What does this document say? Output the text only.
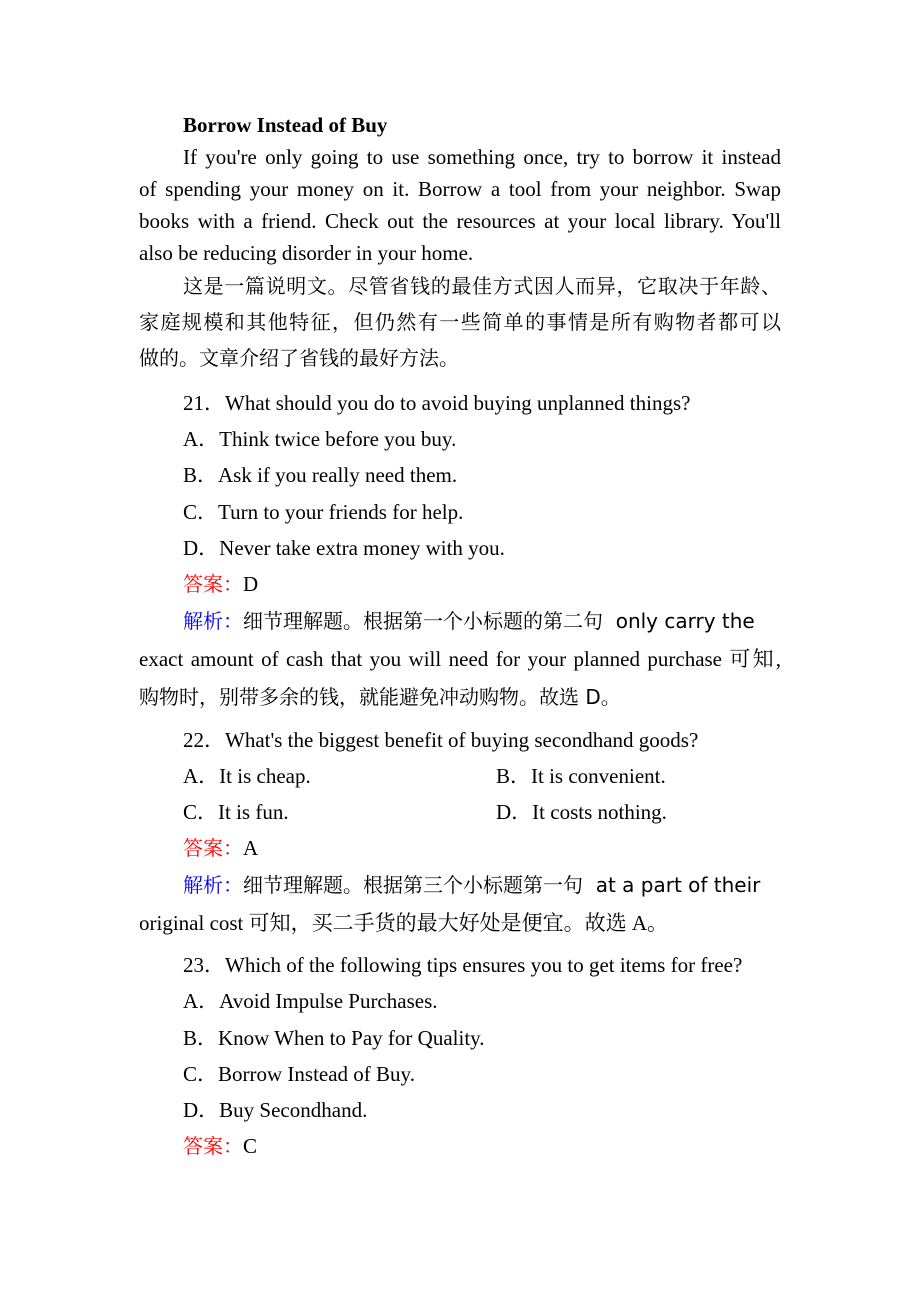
Borrow Instead of Buy
If you're only going to use something once, try to borrow it instead
of spending your money on it. Borrow a tool from your neighbor. Swap
books with a friend. Check out the resources at your local library. You'll
also be reducing disorder in your home.
这是一篇说明文。尽管省钱的最佳方式因人而异，它取决于年龄、
家庭规模和其他特征，但仍然有一些简单的事情是所有购物者都可以
做的。文章介绍了省钱的最好方法。
21．What should you do to avoid buying unplanned things?
A．Think twice before you buy.
B．Ask if you really need them.
C．Turn to your friends for help.
D．Never take extra money with you.
答案：D
解析：细节理解题。根据第一个小标题的第二句  only carry the
exact amount of cash that you will need for your planned purchase 可知,
购物时，别带多余的钱，就能避免冲动购物。故选 D。
22．What's the biggest benefit of buying secondhand goods?
A．It is cheap.	B．It is convenient.
C．It is fun.	D．It costs nothing.
答案：A
解析：细节理解题。根据第三个小标题第一句  at a part of their
original cost 可知，买二手货的最大好处是便宜。故选 A。
23．Which of the following tips ensures you to get items for free?
A．Avoid Impulse Purchases.
B．Know When to Pay for Quality.
C．Borrow Instead of Buy.
D．Buy Secondhand.
答案：C
